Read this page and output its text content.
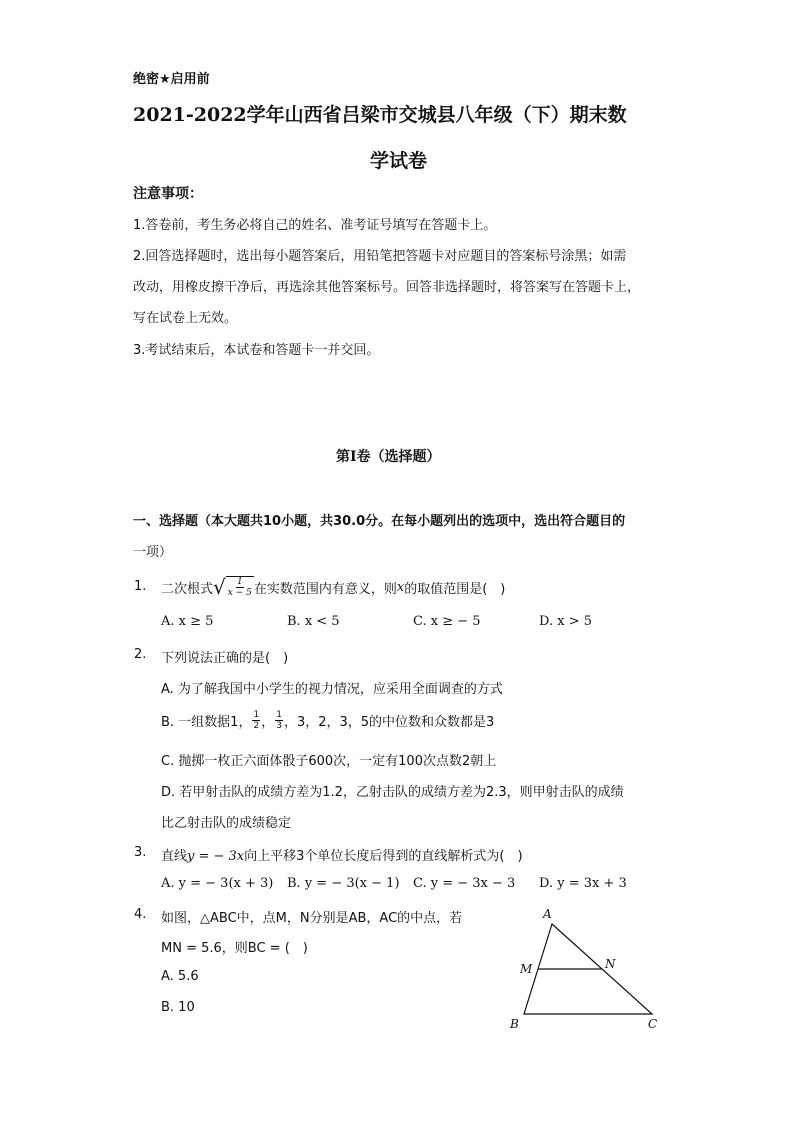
绝密★启用前
2021-2022学年山西省吕梁市交城县八年级（下）期末数
学试卷
注意事项：
1.答卷前，考生务必将自己的姓名、准考证号填写在答题卡上。
2.回答选择题时，选出每小题答案后，用铅笔把答题卡对应题目的答案标号涂黑；如需
改动，用橡皮擦干净后，再选涂其他答案标号。回答非选择题时，将答案写在答题卡上，
写在试卷上无效。
3.考试结束后，本试卷和答题卡一并交回。
第Ⅰ卷（选择题）
一、选择题（本大题共10小题，共30.0分。在每小题列出的选项中，选出符合题目的
一项）
1. 二次根式 √ $\frac{1}{x - 5}$ 在实数范围内有意义，则 x 的取值范围是(　)
A. x ≥ 5	B. x < 5	C. x ≥ − 5	D. x > 5
2. 下列说法正确的是(　)
A. 为了解我国中小学生的视力情况，应采用全面调查的方式
B. 一组数据1， $\frac{1}{2}$ ， $\frac{1}{3}$ ，3，2，3，5的中位数和众数都是3
C. 抛掷一枚正六面体骰子600次，一定有100次点数2朝上
D. 若甲射击队的成绩方差为1.2，乙射击队的成绩方差为2.3，则甲射击队的成绩
比乙射击队的成绩稳定
3. 直线y = − 3x向上平移3个单位长度后得到的直线解析式为(　)
A. y = − 3(x + 3) B. y = − 3(x − 1) C. y = − 3x − 3 D. y = 3x + 3
4. 如图，△ABC中，点M，N分别是AB，AC的中点，若
MN = 5.6，则BC = (　)
A. 5.6
B. 10
A
B	C
M	N
